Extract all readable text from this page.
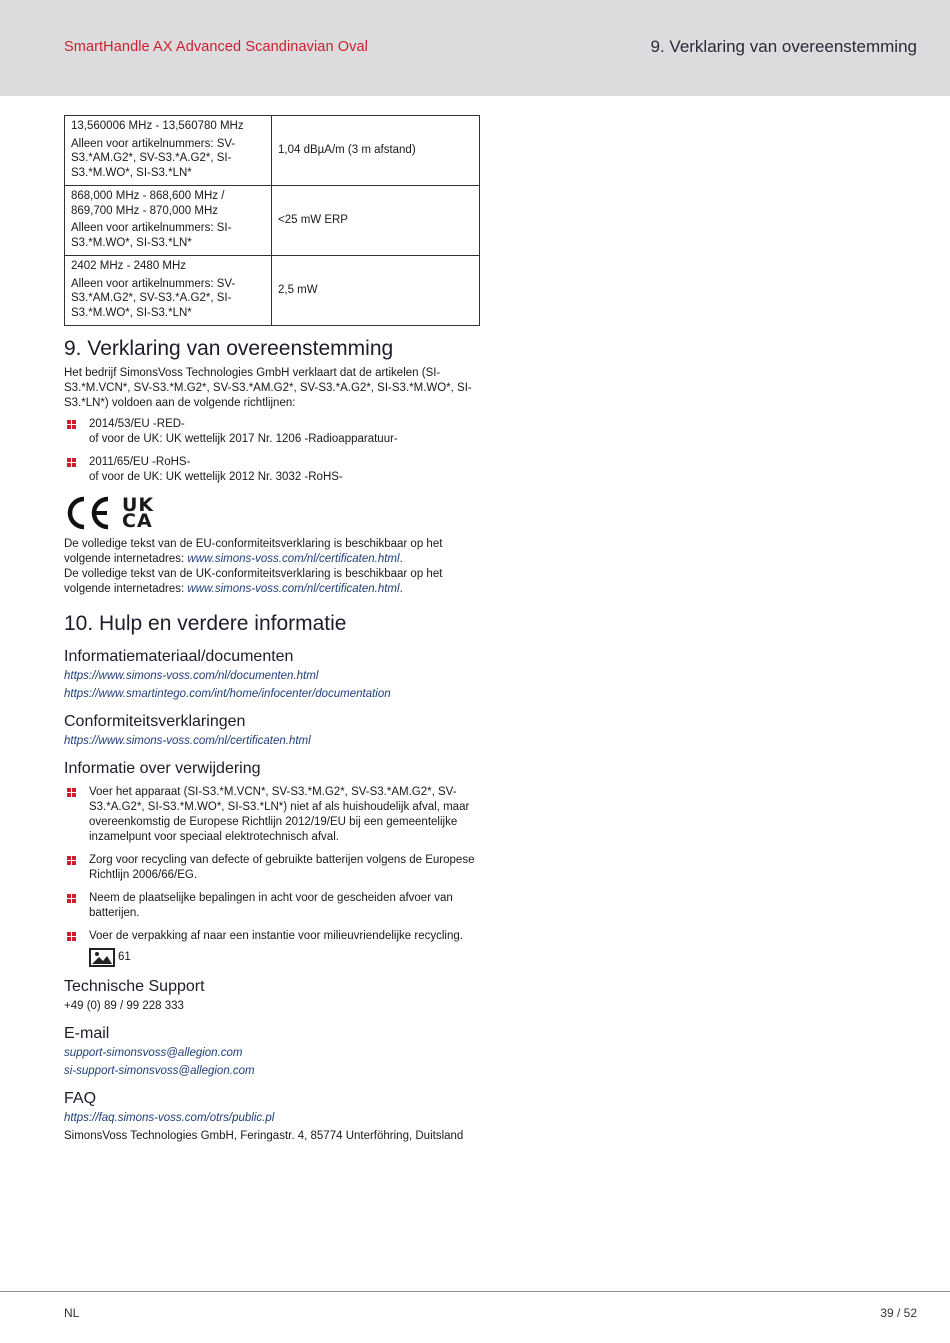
SmartHandle AX Advanced Scandinavian Oval	9. Verklaring van overeenstemming
13,560006 MHz - 13,560780 MHz
Alleen voor artikelnummers: SV-S3.*AM.G2*, SV-S3.*A.G2*, SI-S3.*M.WO*, SI-S3.*LN*	1,04 dBµA/m (3 m afstand)

868,000 MHz - 868,600 MHz / 869,700 MHz - 870,000 MHz
Alleen voor artikelnummers: SI-S3.*M.WO*, SI-S3.*LN*	<25 mW ERP

2402 MHz - 2480 MHz
Alleen voor artikelnummers: SV-S3.*AM.G2*, SV-S3.*A.G2*, SI-S3.*M.WO*, SI-S3.*LN*	2,5 mW
9. Verklaring van overeenstemming

Het bedrijf SimonsVoss Technologies GmbH verklaart dat de artikelen (SI-S3.*M.VCN*, SV-S3.*M.G2*, SV-S3.*AM.G2*, SV-S3.*A.G2*, SI-S3.*M.WO*, SI-S3.*LN*) voldoen aan de volgende richtlijnen:

2014/53/EU -RED-
of voor de UK: UK wettelijk 2017 Nr. 1206 -Radioapparatuur-
2011/65/EU -RoHS-
of voor de UK: UK wettelijk 2012 Nr. 3032 -RoHS-
UK
CA

De volledige tekst van de EU-conformiteitsverklaring is beschikbaar op het volgende internetadres: www.simons-voss.com/nl/certificaten.html.

De volledige tekst van de UK-conformiteitsverklaring is beschikbaar op het volgende internetadres: www.simons-voss.com/nl/certificaten.html.

10. Hulp en verdere informatie
Informatiemateriaal/documenten

https://www.simons-voss.com/nl/documenten.html

https://www.smartintego.com/int/home/infocenter/documentation

Conformiteitsverklaringen

https://www.simons-voss.com/nl/certificaten.html

Informatie over verwijdering
Voer het apparaat (SI-S3.*M.VCN*, SV-S3.*M.G2*, SV-S3.*AM.G2*, SV-S3.*A.G2*, SI-S3.*M.WO*, SI-S3.*LN*) niet af als huishoudelijk afval, maar overeenkomstig de Europese Richtlijn 2012/19/EU bij een gemeentelijke inzamelpunt voor speciaal elektrotechnisch afval.
Zorg voor recycling van defecte of gebruikte batterijen volgens de Europese Richtlijn 2006/66/EG.
Neem de plaatselijke bepalingen in acht voor de gescheiden afvoer van batterijen.
Voer de verpakking af naar een instantie voor milieuvriendelijke recycling.
61
Technische Support

+49 (0) 89 / 99 228 333

E-mail

support-simonsvoss@allegion.com

si-support-simonsvoss@allegion.com

FAQ

https://faq.simons-voss.com/otrs/public.pl

SimonsVoss Technologies GmbH, Feringastr. 4, 85774 Unterföhring, Duitsland

NL	39 / 52
